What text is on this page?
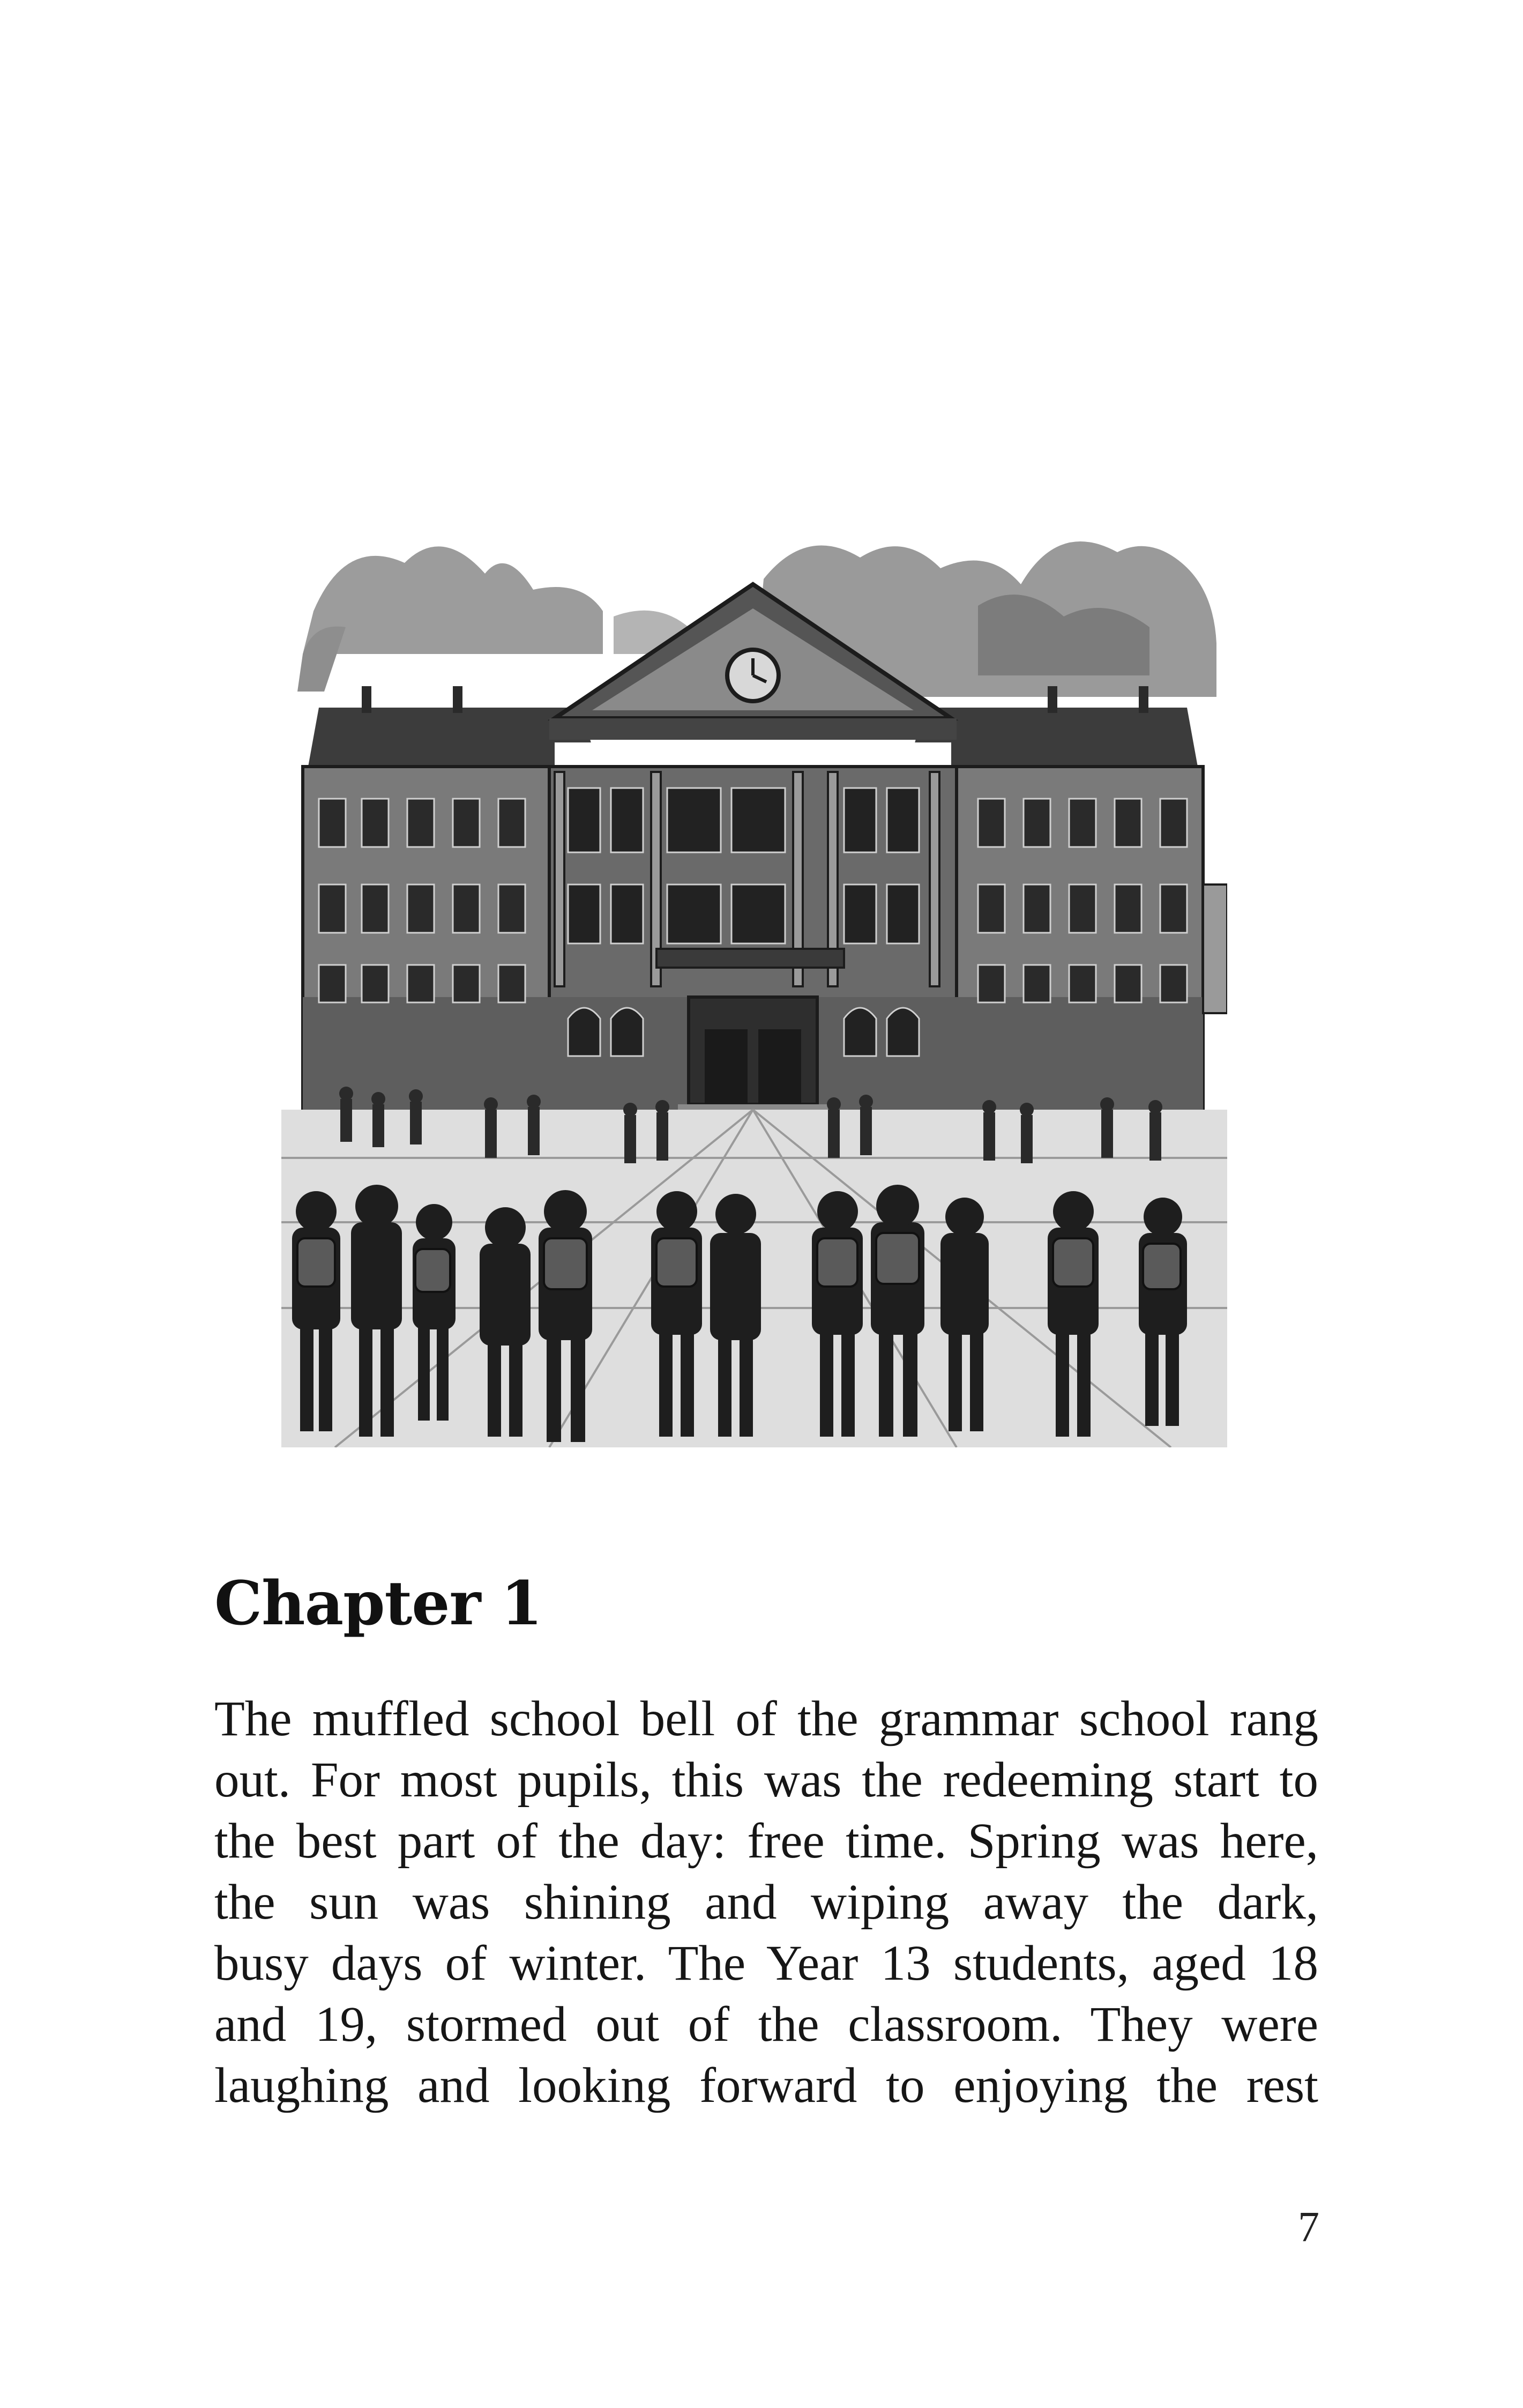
Chapter 1
The muffled school bell of the grammar school rang
out. For most pupils, this was the redeeming start to
the best part of the day: free time. Spring was here,
the sun was shining and wiping away the dark,
busy days of winter. The Year 13 students, aged 18
and 19, stormed out of the classroom. They were
laughing and looking forward to enjoying the rest
7
